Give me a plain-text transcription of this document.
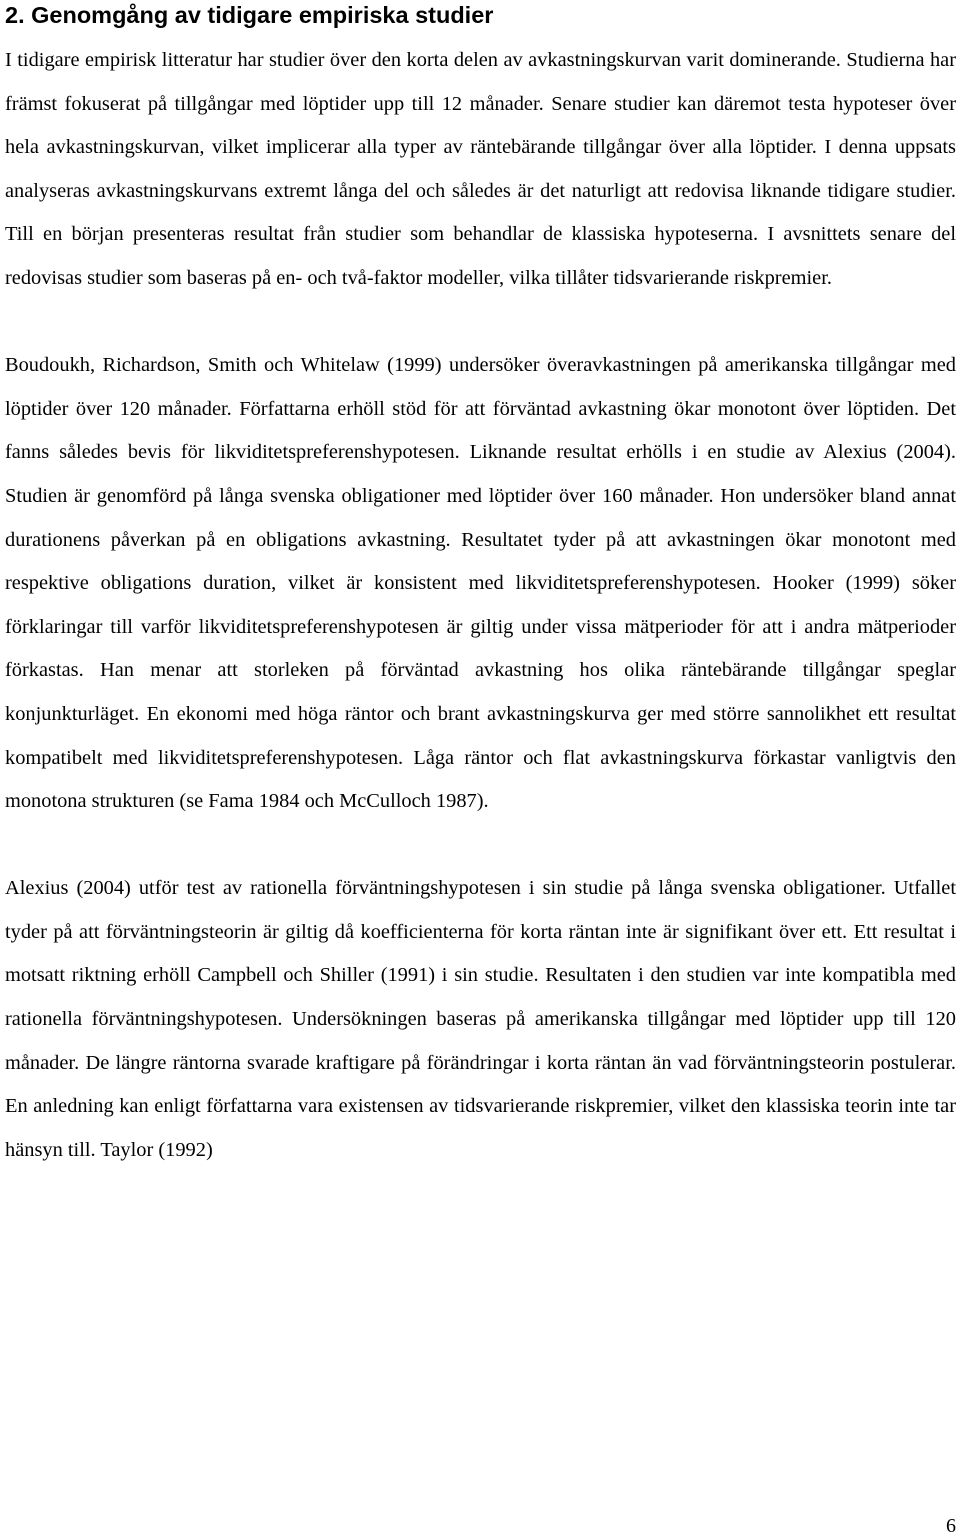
2. Genomgång av tidigare empiriska studier

I tidigare empirisk litteratur har studier över den korta delen av avkastningskurvan varit dominerande. Studierna har främst fokuserat på tillgångar med löptider upp till 12 månader. Senare studier kan däremot testa hypoteser över hela avkastningskurvan, vilket implicerar alla typer av räntebärande tillgångar över alla löptider. I denna uppsats analyseras avkastningskurvans extremt långa del och således är det naturligt att redovisa liknande tidigare studier. Till en början presenteras resultat från studier som behandlar de klassiska hypoteserna. I avsnittets senare del redovisas studier som baseras på en- och två-faktor modeller, vilka tillåter tidsvarierande riskpremier.

Boudoukh, Richardson, Smith och Whitelaw (1999) undersöker överavkastningen på amerikanska tillgångar med löptider över 120 månader. Författarna erhöll stöd för att förväntad avkastning ökar monotont över löptiden. Det fanns således bevis för likviditetspreferenshypotesen. Liknande resultat erhölls i en studie av Alexius (2004). Studien är genomförd på långa svenska obligationer med löptider över 160 månader. Hon undersöker bland annat durationens påverkan på en obligations avkastning. Resultatet tyder på att avkastningen ökar monotont med respektive obligations duration, vilket är konsistent med likviditetspreferenshypotesen. Hooker (1999) söker förklaringar till varför likviditetspreferenshypotesen är giltig under vissa mätperioder för att i andra mätperioder förkastas. Han menar att storleken på förväntad avkastning hos olika räntebärande tillgångar speglar konjunkturläget. En ekonomi med höga räntor och brant avkastningskurva ger med större sannolikhet ett resultat kompatibelt med likviditetspreferenshypotesen. Låga räntor och flat avkastningskurva förkastar vanligtvis den monotona strukturen (se Fama 1984 och McCulloch 1987).

Alexius (2004) utför test av rationella förväntningshypotesen i sin studie på långa svenska obligationer. Utfallet tyder på att förväntningsteorin är giltig då koefficienterna för korta räntan inte är signifikant över ett. Ett resultat i motsatt riktning erhöll Campbell och Shiller (1991) i sin studie. Resultaten i den studien var inte kompatibla med rationella förväntningshypotesen. Undersökningen baseras på amerikanska tillgångar med löptider upp till 120 månader. De längre räntorna svarade kraftigare på förändringar i korta räntan än vad förväntningsteorin postulerar. En anledning kan enligt författarna vara existensen av tidsvarierande riskpremier, vilket den klassiska teorin inte tar hänsyn till. Taylor (1992)

6
